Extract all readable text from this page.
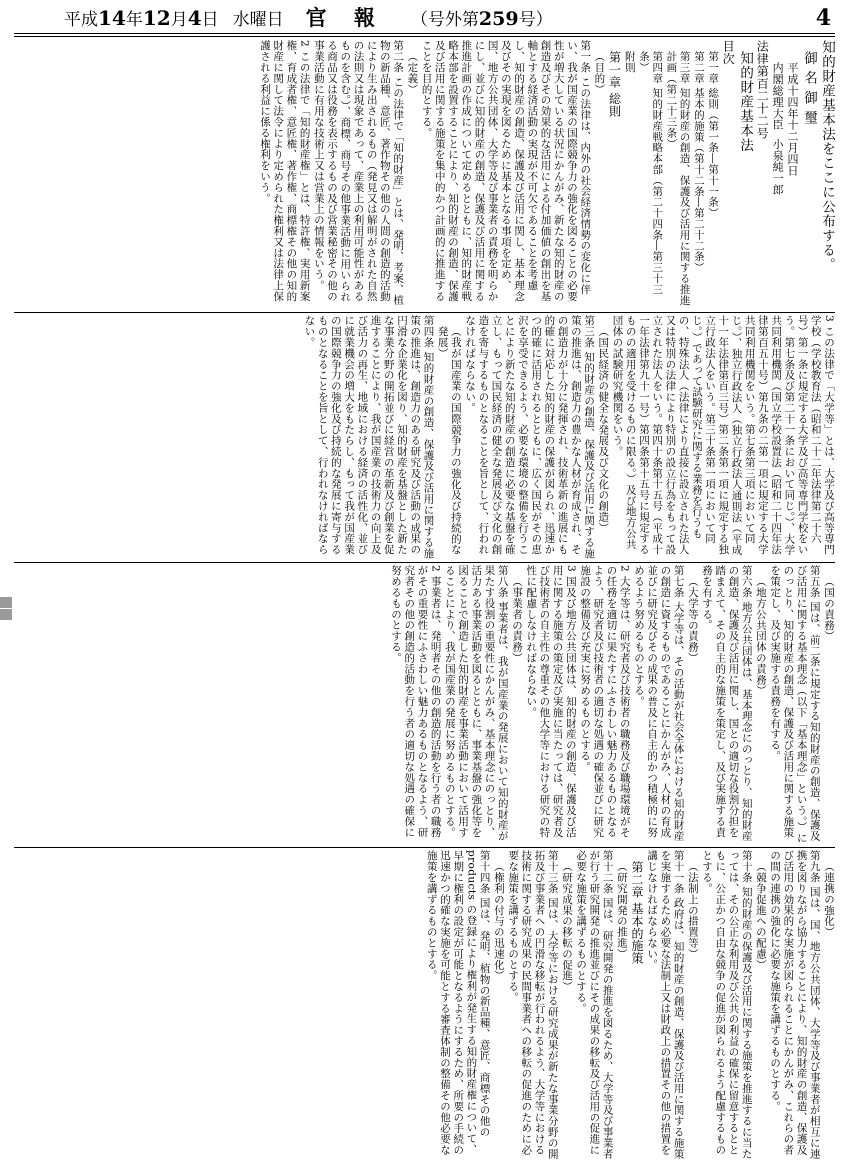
平成14年12月4日 水曜日 官 報 （号外第259号）	4
知的財産基本法をここに公布する。
御 名 御 璽
平成十四年十二月四日
内閣総理大臣  小泉純一郎
法律第百二十二号
知的財産基本法
目次
第一章 総則（第一条―第十一条）
第二章 基本的施策（第十二条―第二十二条）
第三章 知的財産の創造、保護及び活用に関する推進計画（第二十三条）
第四章 知的財産戦略本部（第二十四条―第三十三条）
附則
第一章 総則
（目的）
第一条 この法律は、内外の社会経済情勢の変化に伴い、我が国産業の国際競争力の強化を図ることの必要性が増大している状況にかんがみ、新たな知的財産の創造及びその効果的な活用による付加価値の創出を基軸とする経済活動の実現が不可欠であることを考慮し、知的財産の創造、保護及び活用に関し、基本理念及びその実現を図るために基本となる事項を定め、国、地方公共団体、大学等及び事業者の責務を明らかにし、並びに知的財産の創造、保護及び活用に関する推進計画の作成について定めるとともに、知的財産戦略本部を設置することにより、知的財産の創造、保護及び活用に関する施策を集中的かつ計画的に推進することを目的とする。
（定義）
第二条 この法律で「知的財産」とは、発明、考案、植物の新品種、意匠、著作物その他の人間の創造的活動により生み出されるもの（発見又は解明がされた自然の法則又は現象であって、産業上の利用可能性があるものを含む。）、商標、商号その他事業活動に用いられる商品又は役務を表示するもの及び営業秘密その他の事業活動に有用な技術上又は営業上の情報をいう。
2 この法律で「知的財産権」とは、特許権、実用新案権、育成者権、意匠権、著作権、商標権その他の知的財産に関して法令により定められた権利又は法律上保護される利益に係る権利をいう。
3 この法律で「大学等」とは、大学及び高等専門学校（学校教育法（昭和二十二年法律第二十六号）第一条に規定する大学及び高等専門学校をいう。第七条及び第二十一条において同じ。）、大学共同利用機関（国立学校設置法（昭和二十四年法律第百五十号）第九条の二第一項に規定する大学共同利用機関をいう。第七条第三項において同じ。）、独立行政法人（独立行政法人通則法（平成十一年法律第百三号）第二条第一項に規定する独立行政法人をいう。第三十条第一項において同じ。）であって試験研究に関する業務を行うもの、特殊法人（法律により直接に設立された法人又は特別の法律により特別の設立行為をもって設立された法人をいう。第四十条第十五号（平成十一年法律第九十一号）第四条第十五号に規定するものの適用を受けるものに限る。）及び地方公共団体の試験研究機関をいう。
（国民経済の健全な発展及び文化の創造）
第三条 知的財産の創造、保護及び活用に関する施策の推進は、創造力の豊かな人材が育成され、その創造力が十分に発揮され、技術革新の進展にも的確に対応した知的財産の保護が図られ、迅速かつ的確に活用されるとともに、広く国民がその恵沢を享受できるよう、必要な環境の整備を行うことにより新たな知的財産の創造に必要な基盤を確立し、もって国民経済の健全な発展及び文化の創造を寄与するものとなることを旨として、行われなければならない。
（我が国産業の国際競争力の強化及び持続的な発展）
第四条 知的財産の創造、保護及び活用に関する施策の推進は、創造力のある研究及び活動の成果の円滑な企業化を図り、知的財産を基盤とした新たな事業分野の開拓並びに経営の革新及び創業を促進することにより、我が国産業の技術力の向上及び活力の再生、地域における経済の活性化、並びに就業機会の増大をもたらし、もって我が国産業の国際競争力の強化及び持続的な発展に寄与するものとなることを旨として、行われなければならない。
（国の責務）
第五条 国は、前二条に規定する知的財産の創造、保護及び活用に関する基本理念（以下「基本理念」という。）にのっとり、知的財産の創造、保護及び活用に関する施策を策定し、及び実施する責務を有する。
（地方公共団体の責務）
第六条 地方公共団体は、基本理念にのっとり、知的財産の創造、保護及び活用に関し、国との適切な役割分担を踏まえて、その自主的な施策を策定し、及び実施する責務を有する。
（大学等の責務）
第七条 大学等は、その活動が社会全体における知的財産の創造に資するものであることにかんがみ、人材の育成並びに研究及びその成果の普及に自主的かつ積極的に努めるよう努めるものとする。
2 大学等は、研究者及び技術者の職務及び職場環境がその任務を適切に果たすにふさわしい魅力あるものとなるよう、研究者及び技術者の適切な処遇の確保並びに研究施設の整備及び充実に努めるものとする。
3 国及び地方公共団体は、知的財産の創造、保護及び活用に関する施策の策定及び実施に当たっては、研究者及び技術者の自主性の尊重その他大学等における研究の特性に配慮しなければならない。
（事業者の責務）
第八条 事業者は、我が国産業の発展において知的財産が果たす役割の重要性にかんがみ、基本理念にのっとり、活力ある事業活動を図るとともに、事業基盤の強化等を図ることで創造した知的財産を事業活動において活用することにより、我が国産業の発展に努めるものとする。
2 事業者は、発明者その他の創造的活動を行う者の職務がその重要性にふさわしい魅力あるものとなるよう、研究者その他の創造的活動を行う者の適切な処遇の確保に努めるものとする。
（連携の強化）
第九条 国は、国、地方公共団体、大学等及び事業者が相互に連携を図りながら協力することにより、知的財産の創造、保護及び活用の効果的な実施が図られることにかんがみ、これらの者の間の連携の強化に必要な施策を講ずるものとする。
（競争促進への配慮）
第十条 知的財産の保護及び活用に関する施策を推進するに当たっては、その公正な利用及び公共の利益の確保に留意するとともに、公正かつ自由な競争の促進が図られるよう配慮するものとする。
（法制上の措置等）
第十一条 政府は、知的財産の創造、保護及び活用に関する施策を実施するため必要な法制上又は財政上の措置その他の措置を講じなければならない。
第二章 基本的施策
（研究開発の推進）
第十二条 国は、研究開発の推進を図るため、大学等及び事業者が行う研究開発の推進並びにその成果の移転及び活用の促進に必要な施策を講ずるものとする。
（研究成果の移転の促進）
第十三条 国は、大学等における研究成果が新たな事業分野の開拓及び事業者への円滑な移転が行われるよう、大学等における技術に関する研究成果の民間事業者への移転の促進のために必要な施策を講ずるものとする。
（権利の付与の迅速化）
第十四条 国は、発明、植物の新品種、意匠、商標その他の products の登録により権利が発生する知的財産権について、早期に権利の設定が可能となるようにするため、所要の手続の迅速かつ的確な実施を可能とする審査体制の整備その他必要な施策を講ずるものとする。
